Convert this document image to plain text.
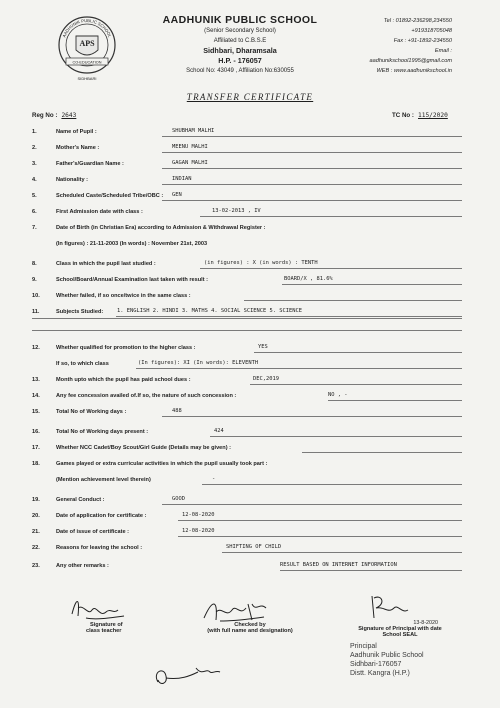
APS
AADHUNIK PUBLIC SCHOOL
CO-EDUCATION
SIDHBARI
AADHUNIK PUBLIC SCHOOL
(Senior Secondary School)
Affiliated to C.B.S.E
Sidhbari, Dharamsala
H.P. - 176057
School No: 43049 , Affiliation No:630055
Tel : 01892-236298,234550
+919318705048
Fax : +91-1892-234550
Email :
aadhunikschool1995@gmail.com
WEB : www.aadhunikschool.in
TRANSFER CERTIFICATE
Reg No : 2643	TC No : 115/2020
1.	Name of Pupil :	SHUBHAM MALHI
2.	Mother's Name :	MEENU MALHI
3.	Father's/Guardian Name :	GAGAN MALHI
4.	Nationality :	INDIAN
5.	Scheduled Caste/Scheduled Tribe/OBC : GEN
6.	First Admission date with class :	13-02-2013 , IV
7.	Date of Birth (in Christian Era) according to Admission & Withdrawal Register :
(In figures) : 21-11-2003 (In words) : November 21st, 2003
8.	Class in which the pupil last studied :	(in figures) : X (in words) : TENTH
9.	School/Board/Annual Examination last taken with result :	BOARD/X , 81.6%
10.	Whether failed, if so once/twice in the same class :
11.	Subjects Studied:	1. ENGLISH 2. HINDI 3. MATHS 4. SOCIAL SCIENCE 5. SCIENCE
12.	Whether qualified for promotion to the higher class :	YES
If so, to which class	(In figures): XI (In words): ELEVENTH
13.	Month upto which the pupil has paid school dues :	DEC,2019
14.	Any fee concession availed of.If so, the nature of such concession :	NO , -
15.	Total No of Working days :	488
16.	Total No of Working days present :	424
17.	Whether NCC Cadet/Boy Scout/Girl Guide (Details may be given) :
18.	Games played or extra curricular activities in which the pupil usually took part :
(Mention achievement level therein)	-
19.	General Conduct :	GOOD
20.	Date of application for certificate :	12-08-2020
21.	Date of issue of certificate :	12-08-2020
22.	Reasons for leaving the school :	SHIFTING OF CHILD
23.	Any other remarks :	RESULT BASED ON INTERNET INFORMATION
Signature of
class teacher
Checked by
(with full name and designation)
13-8-2020
Signature of Principal with date
School SEAL
Principal
Aadhunik Public School
Sidhbari-176057
Distt. Kangra (H.P.)
